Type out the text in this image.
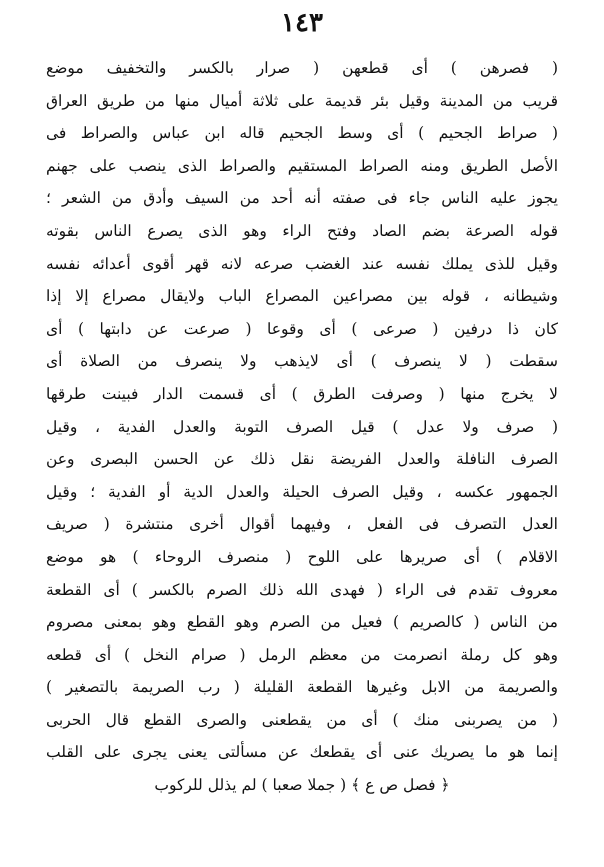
١٤٣
( فصرهن ) أى قطعهن ( صرار بالكسر والتخفيف موضع
قريب من المدينة وقيل بئر قديمة على ثلاثة أميال منها من طريق العراق
( صراط الجحيم ) أى وسط الجحيم قاله ابن عباس والصراط فى
الأصل الطريق ومنه الصراط المستقيم والصراط الذى ينصب على جهنم
يجوز عليه الناس جاء فى صفته أنه أحد من السيف وأدق من الشعر ؛
قوله الصرعة بضم الصاد وفتح الراء وهو الذى يصرع الناس بقوته
وقيل للذى يملك نفسه عند الغضب صرعه لانه قهر أقوى أعدائه نفسه
وشيطانه ، قوله بين مصراعين المصراع الباب ولايقال مصراع إلا إذا
كان ذا درفين ( صرعى ) أى وقوعا ( صرعت عن دابتها ) أى
سقطت ( لا ينصرف ) أى لايذهب ولا ينصرف من الصلاة أى
لا يخرج منها ( وصرفت الطرق ) أى قسمت الدار فبينت طرقها
( صرف ولا عدل ) قيل الصرف التوبة والعدل الفدية ، وقيل
الصرف النافلة والعدل الفريضة نقل ذلك عن الحسن البصرى وعن
الجمهور عكسه ، وقيل الصرف الحيلة والعدل الدية أو الفدية ؛ وقيل
العدل التصرف فى الفعل ، وفيهما أقوال أخرى منتشرة ( صريف
الاقلام ) أى صريرها على اللوح ( منصرف الروحاء ) هو موضع
معروف تقدم فى الراء ( فهدى الله ذلك الصرم بالكسر ) أى القطعة
من الناس ( كالصريم ) فعيل من الصرم وهو القطع وهو بمعنى مصروم
وهو كل رملة انصرمت من معظم الرمل ( صرام النخل ) أى قطعه
والصريمة من الابل وغيرها القطعة القليلة ( رب الصريمة بالتصغير )
( من يصربنى منك ) أى من يقطعنى والصرى القطع قال الحربى
إنما هو ما يصريك عنى أى يقطعك عن مسألتى يعنى يجرى على القلب
﴿ فصل ص ع ﴾ ( جملا صعبا ) لم يذلل للركوب
